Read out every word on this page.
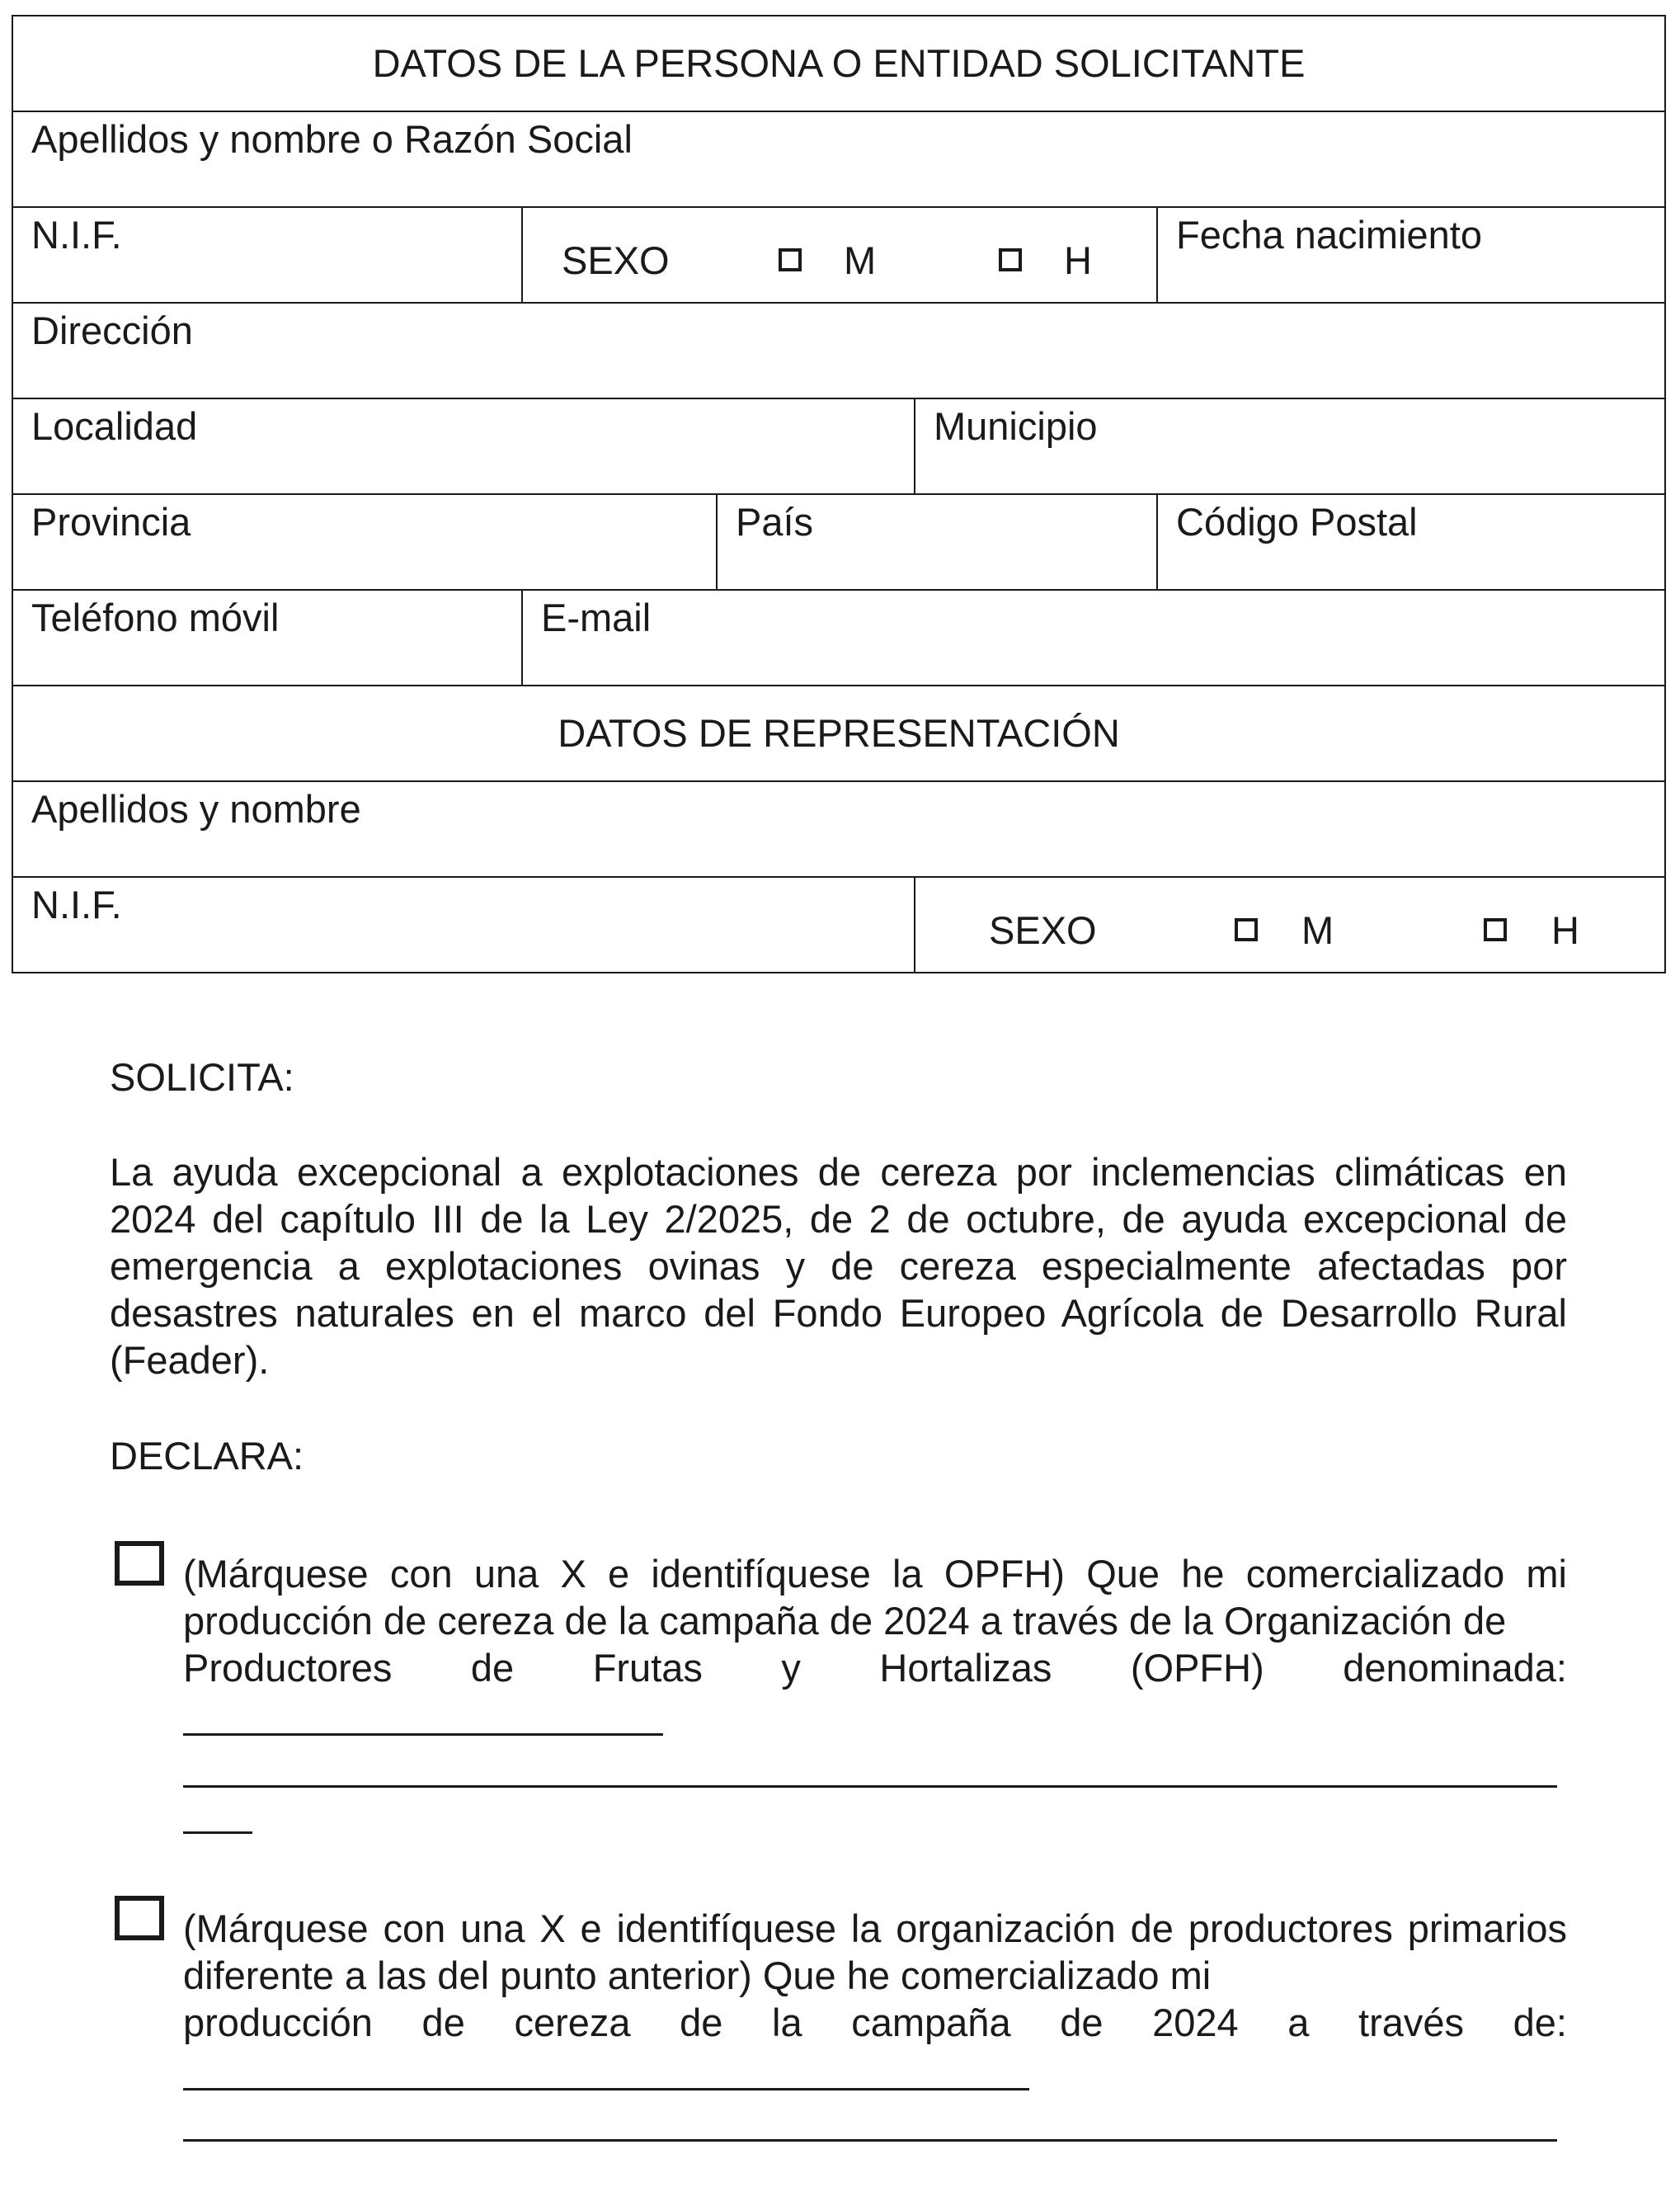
DATOS DE LA PERSONA O ENTIDAD SOLICITANTE				
Apellidos y nombre o Razón Social				
N.I.F.	SEXO M H			Fecha nacimiento
Dirección				
Localidad			Municipio	
Provincia		País		Código Postal
Teléfono móvil	E-mail			
DATOS DE REPRESENTACIÓN				
Apellidos y nombre				
N.I.F.			SEXO M H	
SOLICITA:
La ayuda excepcional a explotaciones de cereza por inclemencias climáticas en 2024 del capítulo III de la Ley 2/2025, de 2 de octubre, de ayuda excepcional de emergencia a explotaciones ovinas y de cereza especialmente afectadas por desastres naturales en el marco del Fondo Europeo Agrícola de Desarrollo Rural (Feader).
DECLARA:
(Márquese con una X e identifíquese la OPFH) Que he comercializado mi producción de cereza de la campaña de 2024 a través de la Organización de
Productores de Frutas y Hortalizas (OPFH) denominada:
(Márquese con una X e identifíquese la organización de productores primarios diferente a las del punto anterior) Que he comercializado mi
producción de cereza de la campaña de 2024 a través de:
